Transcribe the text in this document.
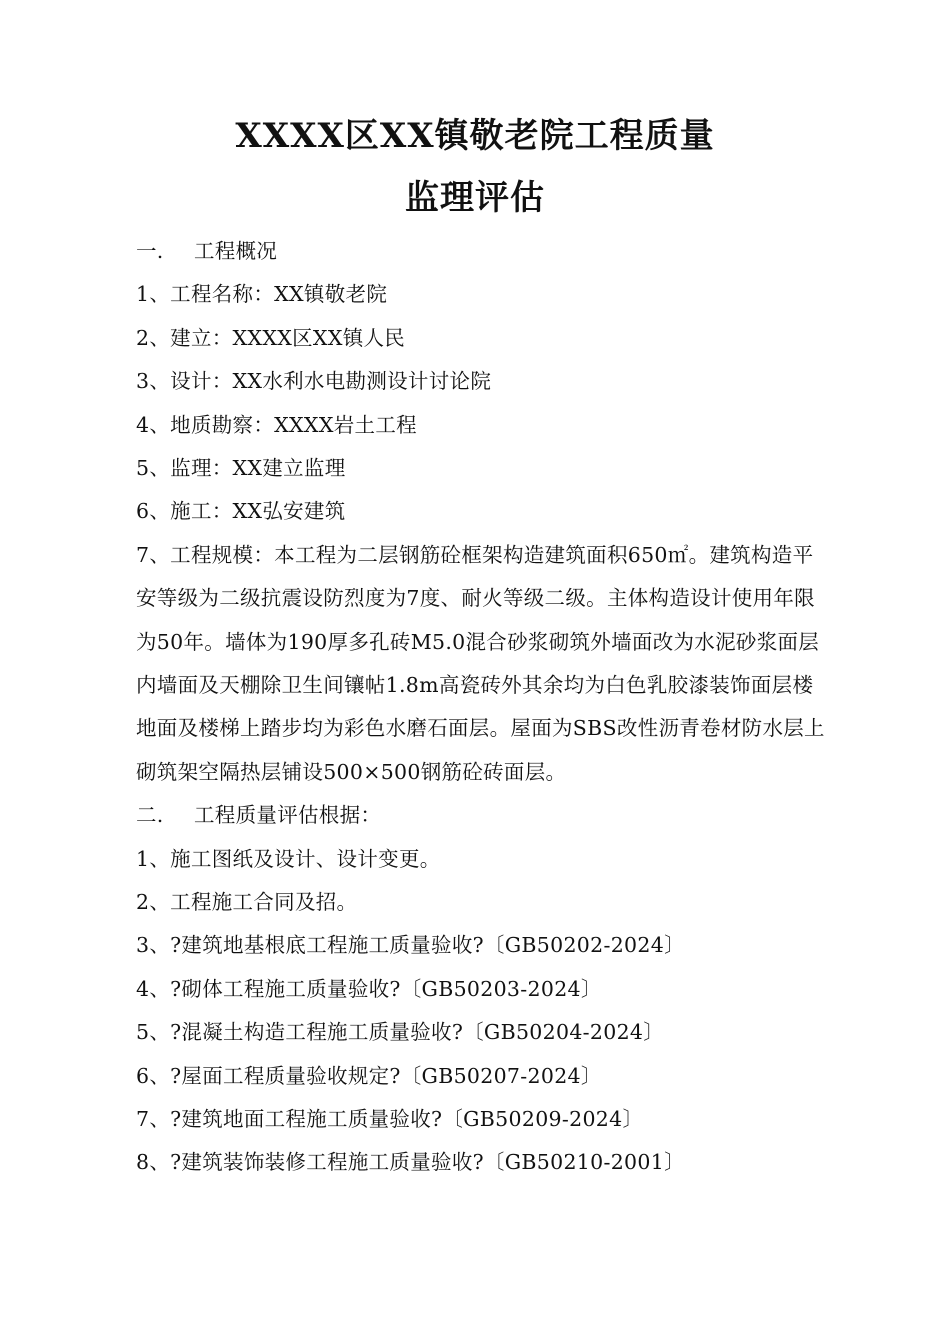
XXXX区XX镇敬老院工程质量
监理评估
一. 工程概况
1、工程名称：XX镇敬老院
2、建立：XXXX区XX镇人民
3、设计：XX水利水电勘测设计讨论院
4、地质勘察：XXXX岩土工程
5、监理：XX建立监理
6、施工：XX弘安建筑
7、工程规模：本工程为二层钢筋砼框架构造建筑面积650㎡。建筑构造平安等级为二级抗震设防烈度为7度、耐火等级二级。主体构造设计使用年限为50年。墙体为190厚多孔砖M5.0混合砂浆砌筑外墙面改为水泥砂浆面层内墙面及天棚除卫生间镶帖1.8m高瓷砖外其余均为白色乳胶漆装饰面层楼地面及楼梯上踏步均为彩色水磨石面层。屋面为SBS改性沥青卷材防水层上砌筑架空隔热层铺设500×500钢筋砼砖面层。
二. 工程质量评估根据：
1、施工图纸及设计、设计变更。
2、工程施工合同及招。
3、?建筑地基根底工程施工质量验收?〔GB50202-2024〕
4、?砌体工程施工质量验收?〔GB50203-2024〕
5、?混凝土构造工程施工质量验收?〔GB50204-2024〕
6、?屋面工程质量验收规定?〔GB50207-2024〕
7、?建筑地面工程施工质量验收?〔GB50209-2024〕
8、?建筑装饰装修工程施工质量验收?〔GB50210-2001〕
